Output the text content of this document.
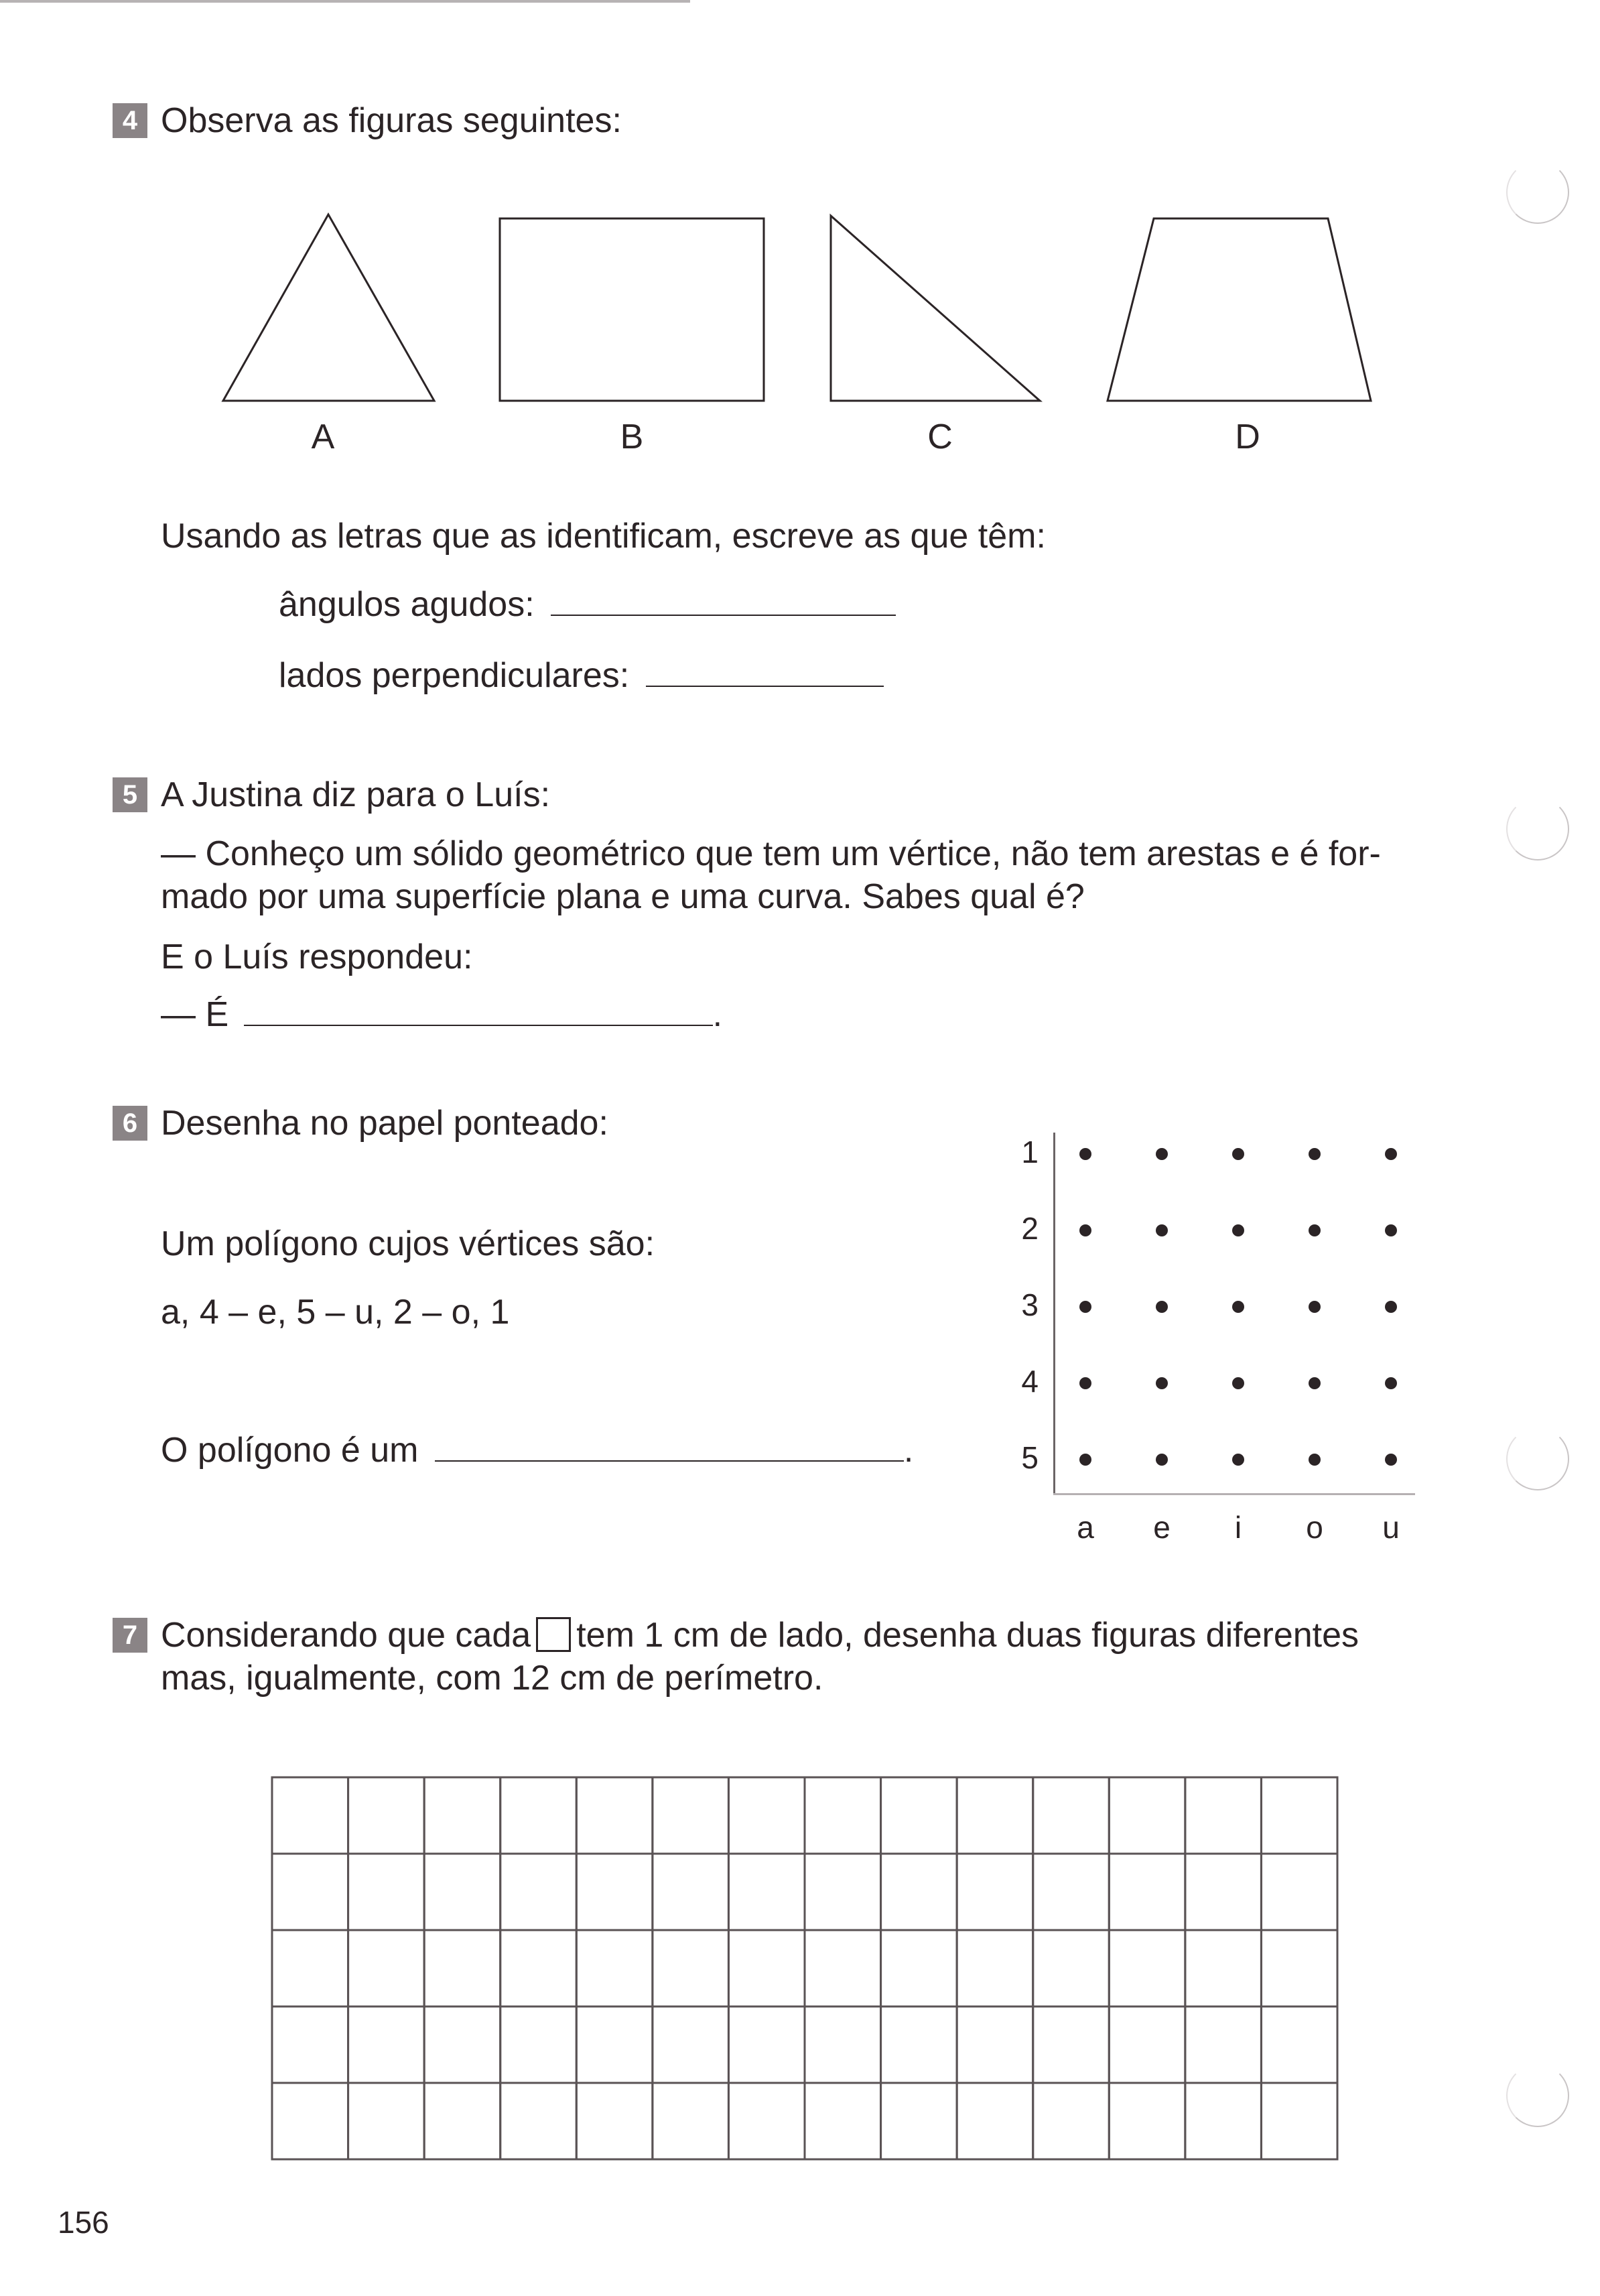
4 Observa as figuras seguintes:
A	B	C	D
Usando as letras que as identificam, escreve as que têm:
ângulos agudos:
lados perpendiculares:
5 A Justina diz para o Luís:
— Conheço um sólido geométrico que tem um vértice, não tem arestas e é for-
mado por uma superfície plana e uma curva. Sabes qual é?
E o Luís respondeu:
— É	.
6 Desenha no papel ponteado:
Um polígono cujos vértices são:
a, 4 – e, 5 – u, 2 – o, 1
O polígono é um	.
1
2
3
4
5
a e	i	o u
7 Considerando que cada tem 1 cm de lado, desenha duas figuras diferentes
mas, igualmente, com 12 cm de perímetro.
156
